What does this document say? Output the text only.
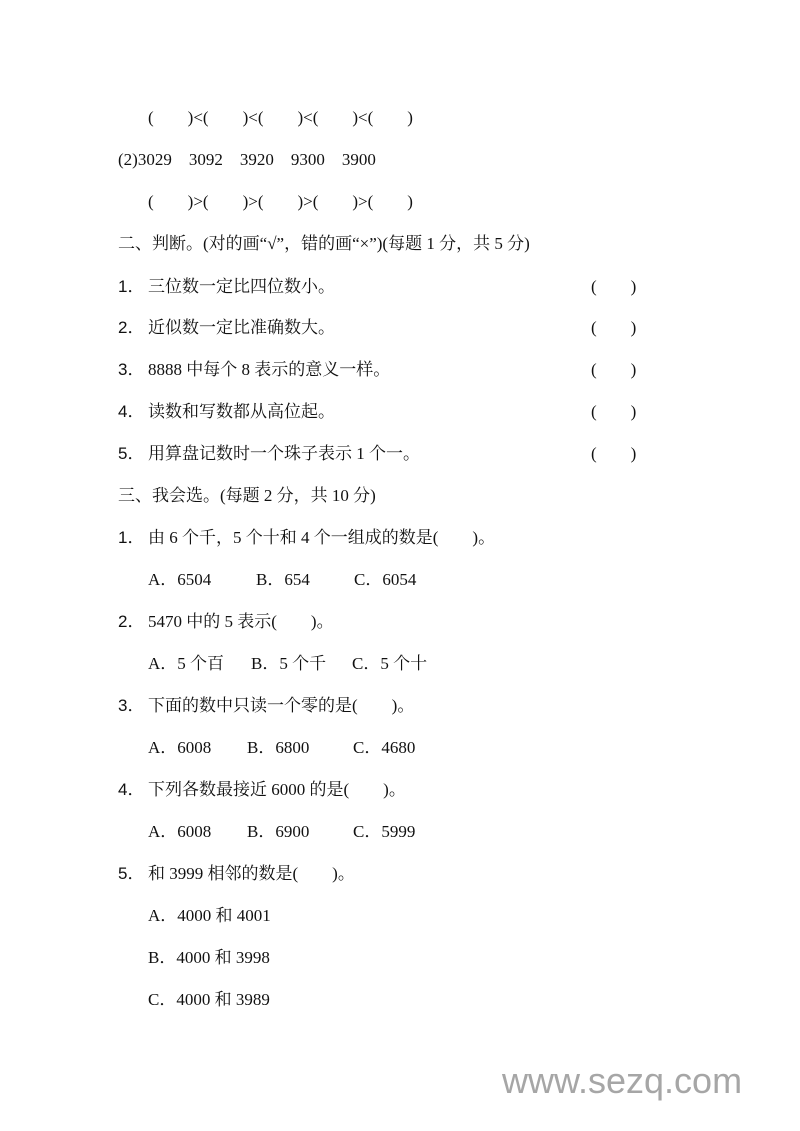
(　　)<(　　)<(　　)<(　　)<(　　)
(2)3029　3092　3920　9300　3900
(　　)>(　　)>(　　)>(　　)>(　　)
二、判断。(对的画“√”，错的画“×”)(每题 1 分，共 5 分)
1． 三位数一定比四位数小。	(　　)
2． 近似数一定比准确数大。	(　　)
3． 8888 中每个 8 表示的意义一样。	(　　)
4． 读数和写数都从高位起。	(　　)
5． 用算盘记数时一个珠子表示 1 个一。	(　　)
三、我会选。(每题 2 分，共 10 分)
1． 由 6 个千，5 个十和 4 个一组成的数是(　　)。
A．6504	B．654	C．6054
2． 5470 中的 5 表示(　　)。
A．5 个百 B．5 个千 C．5 个十
3． 下面的数中只读一个零的是(　　)。
A．6008 B．6800	C．4680
4． 下列各数最接近 6000 的是(　　)。
A．6008 B．6900	C．5999
5． 和 3999 相邻的数是(　　)。
A．4000 和 4001
B．4000 和 3998
C．4000 和 3989
www.sezq.com
